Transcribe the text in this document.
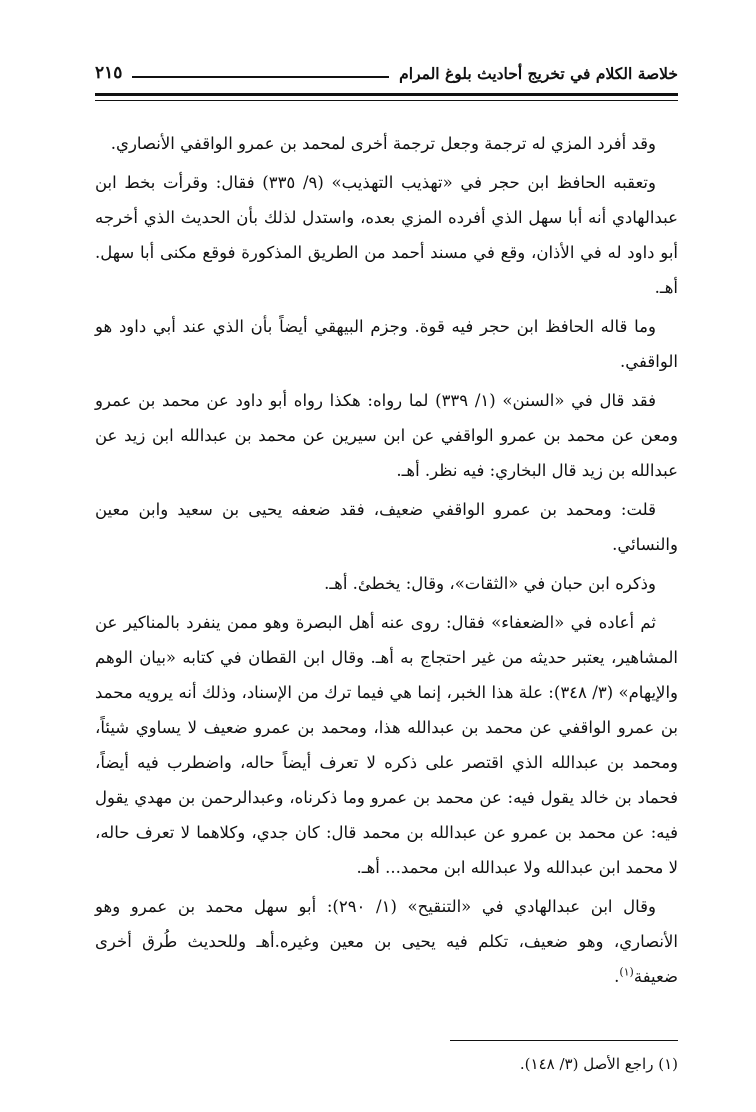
خلاصة الكلام في تخريج أحاديث بلوغ المرام
٢١٥

وقد أفرد المزي له ترجمة وجعل ترجمة أخرى لمحمد بن عمرو الواقفي الأنصاري.

وتعقبه الحافظ ابن حجر في «تهذيب التهذيب» (٩/ ٣٣٥) فقال: وقرأت بخط ابن عبدالهادي أنه أبا سهل الذي أفرده المزي بعده، واستدل لذلك بأن الحديث الذي أخرجه أبو داود له في الأذان، وقع في مسند أحمد من الطريق المذكورة فوقع مكنى أبا سهل. أهـ.

وما قاله الحافظ ابن حجر فيه قوة. وجزم البيهقي أيضاً بأن الذي عند أبي داود هو الواقفي.

فقد قال في «السنن» (١/ ٣٣٩) لما رواه: هكذا رواه أبو داود عن محمد بن عمرو ومعن عن محمد بن عمرو الواقفي عن ابن سيرين عن محمد بن عبدالله ابن زيد عن عبدالله بن زيد قال البخاري: فيه نظر. أهـ.

قلت: ومحمد بن عمرو الواقفي ضعيف، فقد ضعفه يحيى بن سعيد وابن معين والنسائي.

وذكره ابن حبان في «الثقات»، وقال: يخطئ. أهـ.

ثم أعاده في «الضعفاء» فقال: روى عنه أهل البصرة وهو ممن ينفرد بالمناكير عن المشاهير، يعتبر حديثه من غير احتجاج به أهـ. وقال ابن القطان في كتابه «بيان الوهم والإيهام» (٣/ ٣٤٨): علة هذا الخبر، إنما هي فيما ترك من الإسناد، وذلك أنه يرويه محمد بن عمرو الواقفي عن محمد بن عبدالله هذا، ومحمد بن عمرو ضعيف لا يساوي شيئاً، ومحمد بن عبدالله الذي اقتصر على ذكره لا تعرف أيضاً حاله، واضطرب فيه أيضاً، فحماد بن خالد يقول فيه: عن محمد بن عمرو وما ذكرناه، وعبدالرحمن بن مهدي يقول فيه: عن محمد بن عمرو عن عبدالله بن محمد قال: كان جدي، وكلاهما لا تعرف حاله، لا محمد ابن عبدالله ولا عبدالله ابن محمد... أهـ.

وقال ابن عبدالهادي في «التنقيح» (١/ ٢٩٠): أبو سهل محمد بن عمرو وهو الأنصاري، وهو ضعيف، تكلم فيه يحيى بن معين وغيره.أهـ وللحديث طُرق أخرى ضعيفة$^{(١)}$.

(١) راجع الأصل (٣/ ١٤٨).
